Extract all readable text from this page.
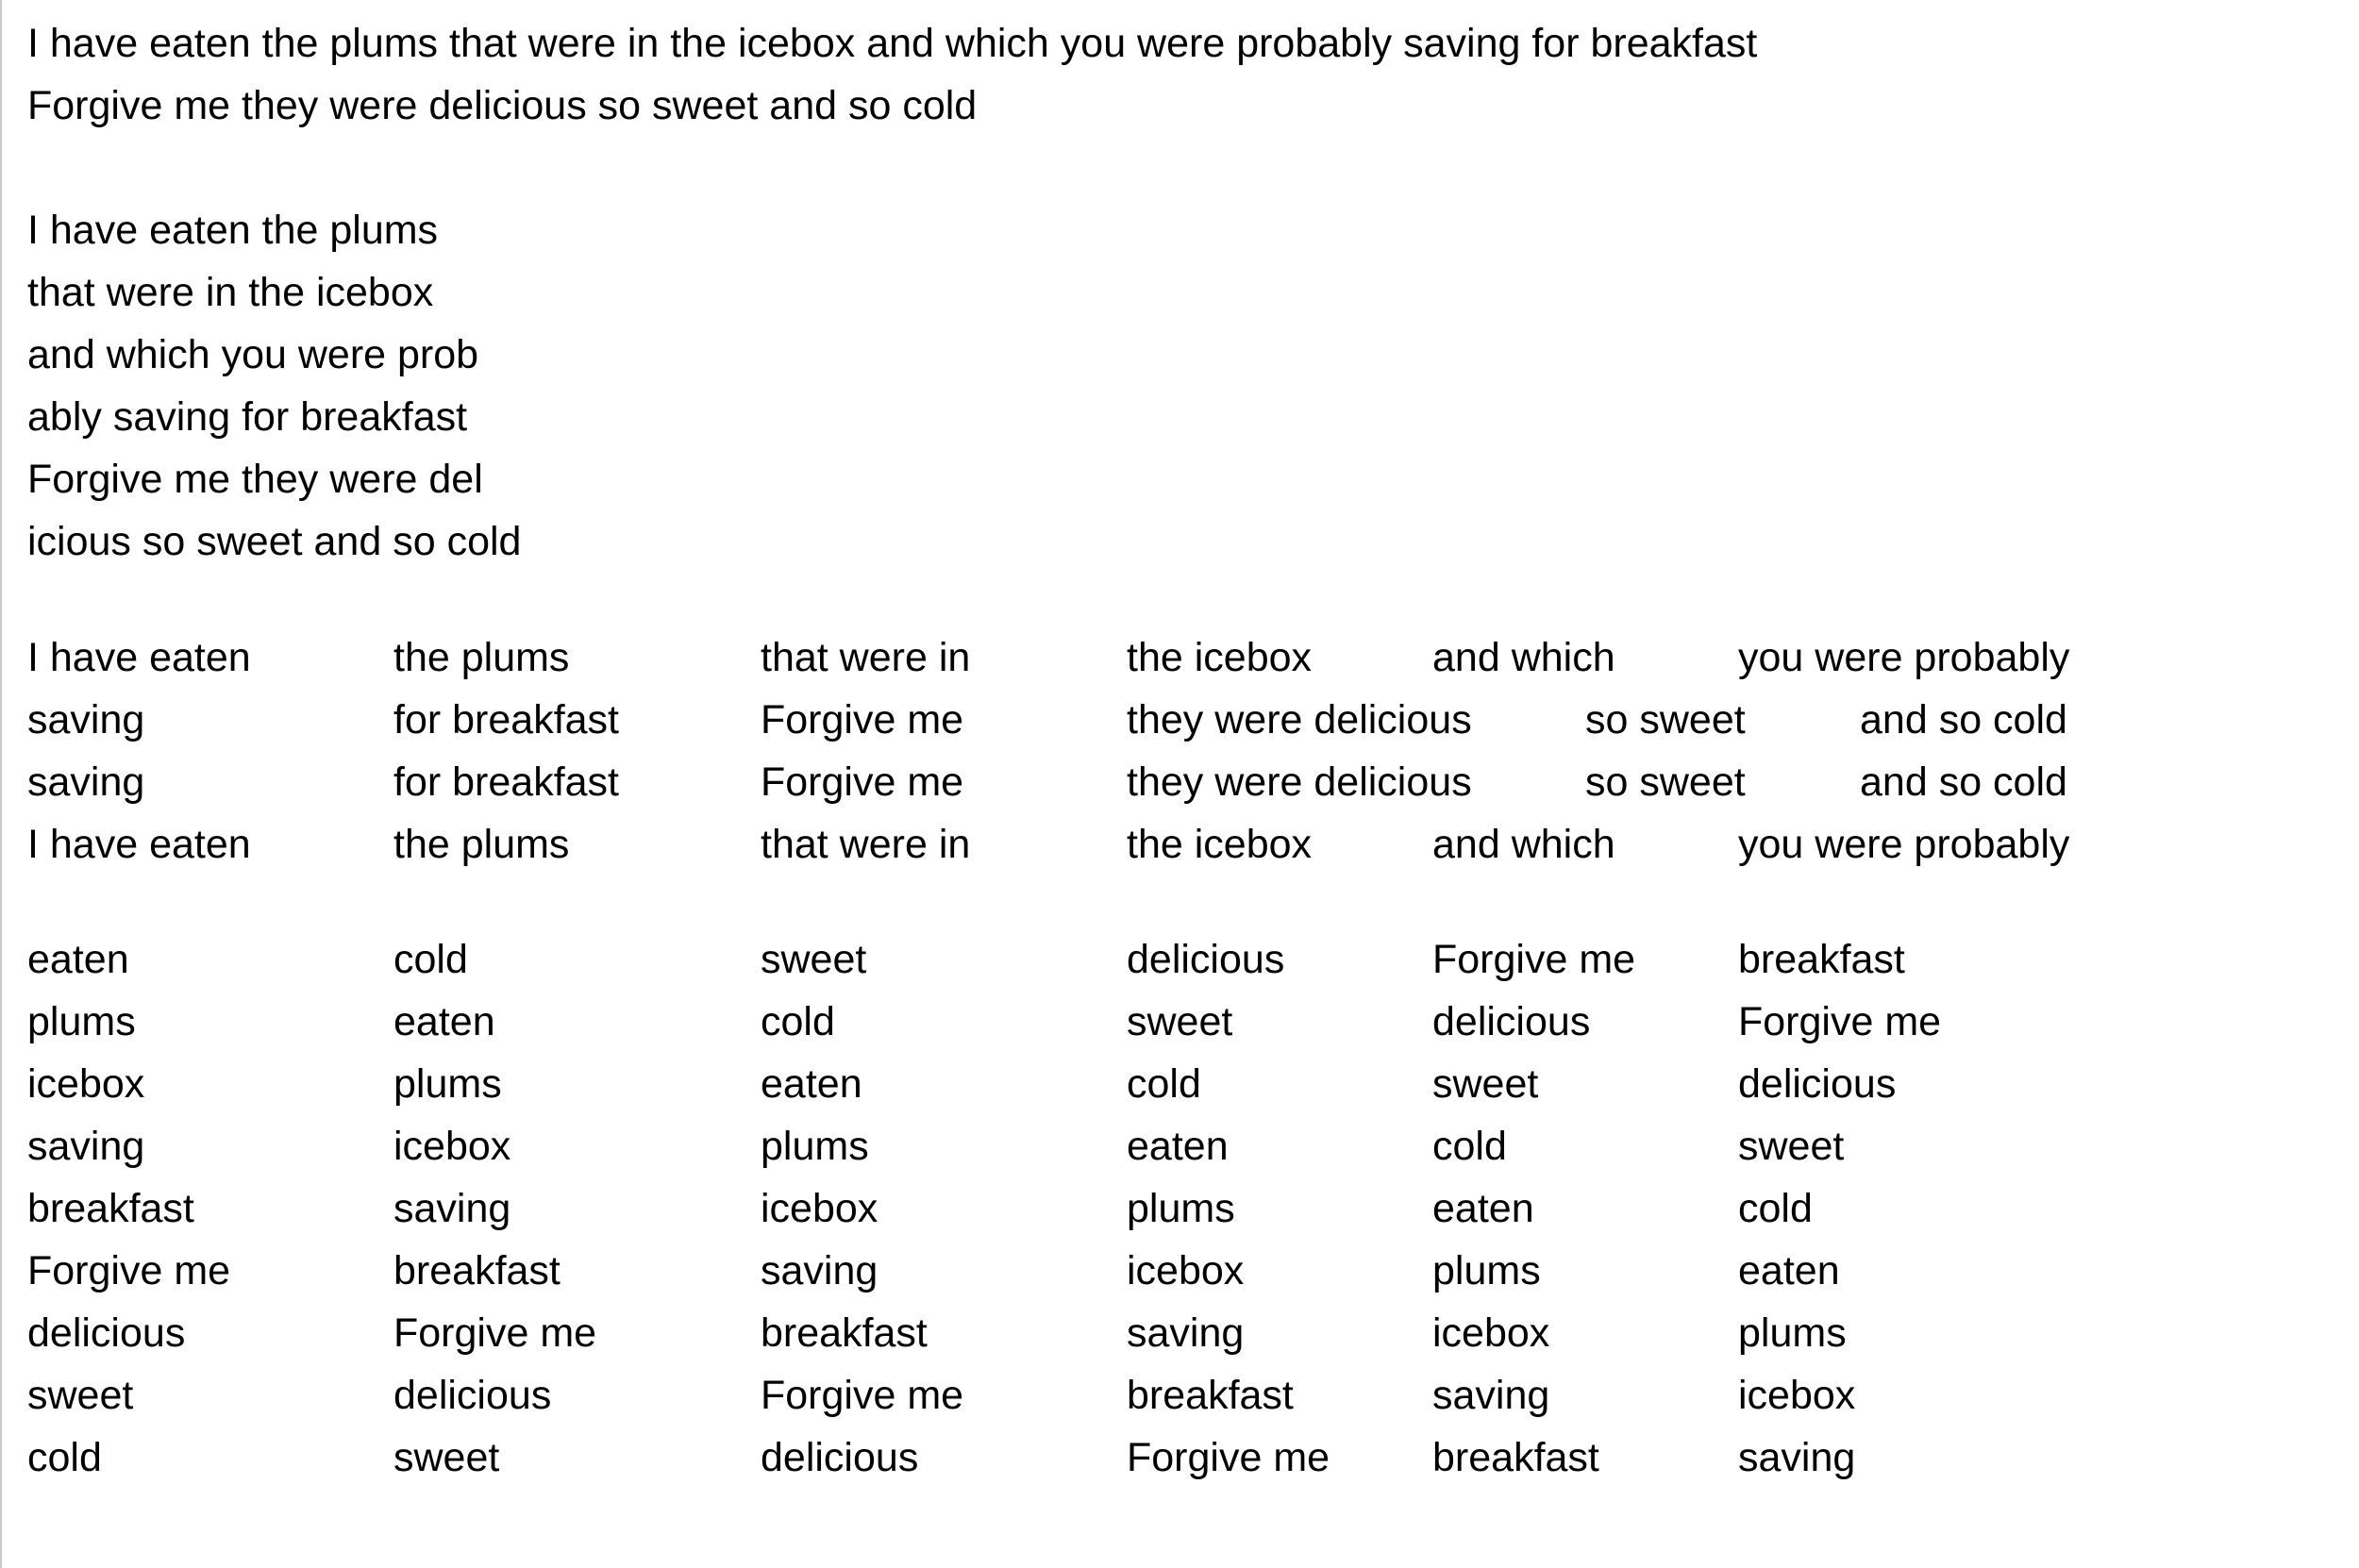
I have eaten the plums that were in the icebox and which you were probably saving for breakfast
Forgive me they were delicious so sweet and so cold
I have eaten the plums
that were in the icebox
and which you were prob
ably saving for breakfast
Forgive me they were del
icious so sweet and so cold
I have eaten	the plums	that were in	the icebox	and which	you were probably
saving	for breakfast	Forgive me	they were delicious	so sweet	and so cold
saving	for breakfast	Forgive me	they were delicious	so sweet	and so cold
I have eaten	the plums	that were in	the icebox	and which	you were probably
eaten	cold	sweet	delicious	Forgive me	breakfast
plums	eaten	cold	sweet	delicious	Forgive me
icebox	plums	eaten	cold	sweet	delicious
saving	icebox	plums	eaten	cold	sweet
breakfast	saving	icebox	plums	eaten	cold
Forgive me	breakfast	saving	icebox	plums	eaten
delicious	Forgive me	breakfast	saving	icebox	plums
sweet	delicious	Forgive me	breakfast	saving	icebox
cold	sweet	delicious	Forgive me	breakfast	saving
